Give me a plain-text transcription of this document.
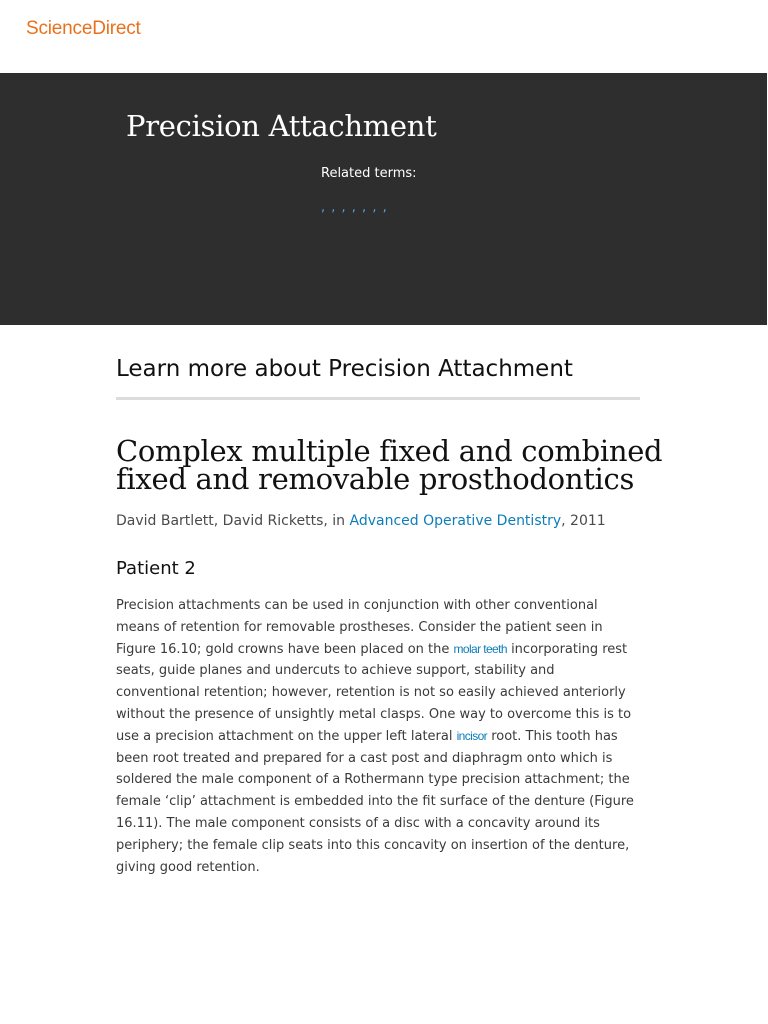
ScienceDirect
Precision Attachment
Related terms:
, , , , , , ,
Learn more about Precision Attachment
Complex multiple fixed and combined fixed and removable prosthodontics
David Bartlett, David Ricketts, in Advanced Operative Dentistry, 2011
Patient 2
Precision attachments can be used in conjunction with other conventional
means of retention for removable prostheses. Consider the patient seen in
Figure 16.10; gold crowns have been placed on the molar teeth incorporating rest
seats, guide planes and undercuts to achieve support, stability and
conventional retention; however, retention is not so easily achieved anteriorly
without the presence of unsightly metal clasps. One way to overcome this is to
use a precision attachment on the upper left lateral incisor root. This tooth has
been root treated and prepared for a cast post and diaphragm onto which is
soldered the male component of a Rothermann type precision attachment; the
female ‘clip’ attachment is embedded into the fit surface of the denture (Figure
16.11). The male component consists of a disc with a concavity around its
periphery; the female clip seats into this concavity on insertion of the denture,
giving good retention.
